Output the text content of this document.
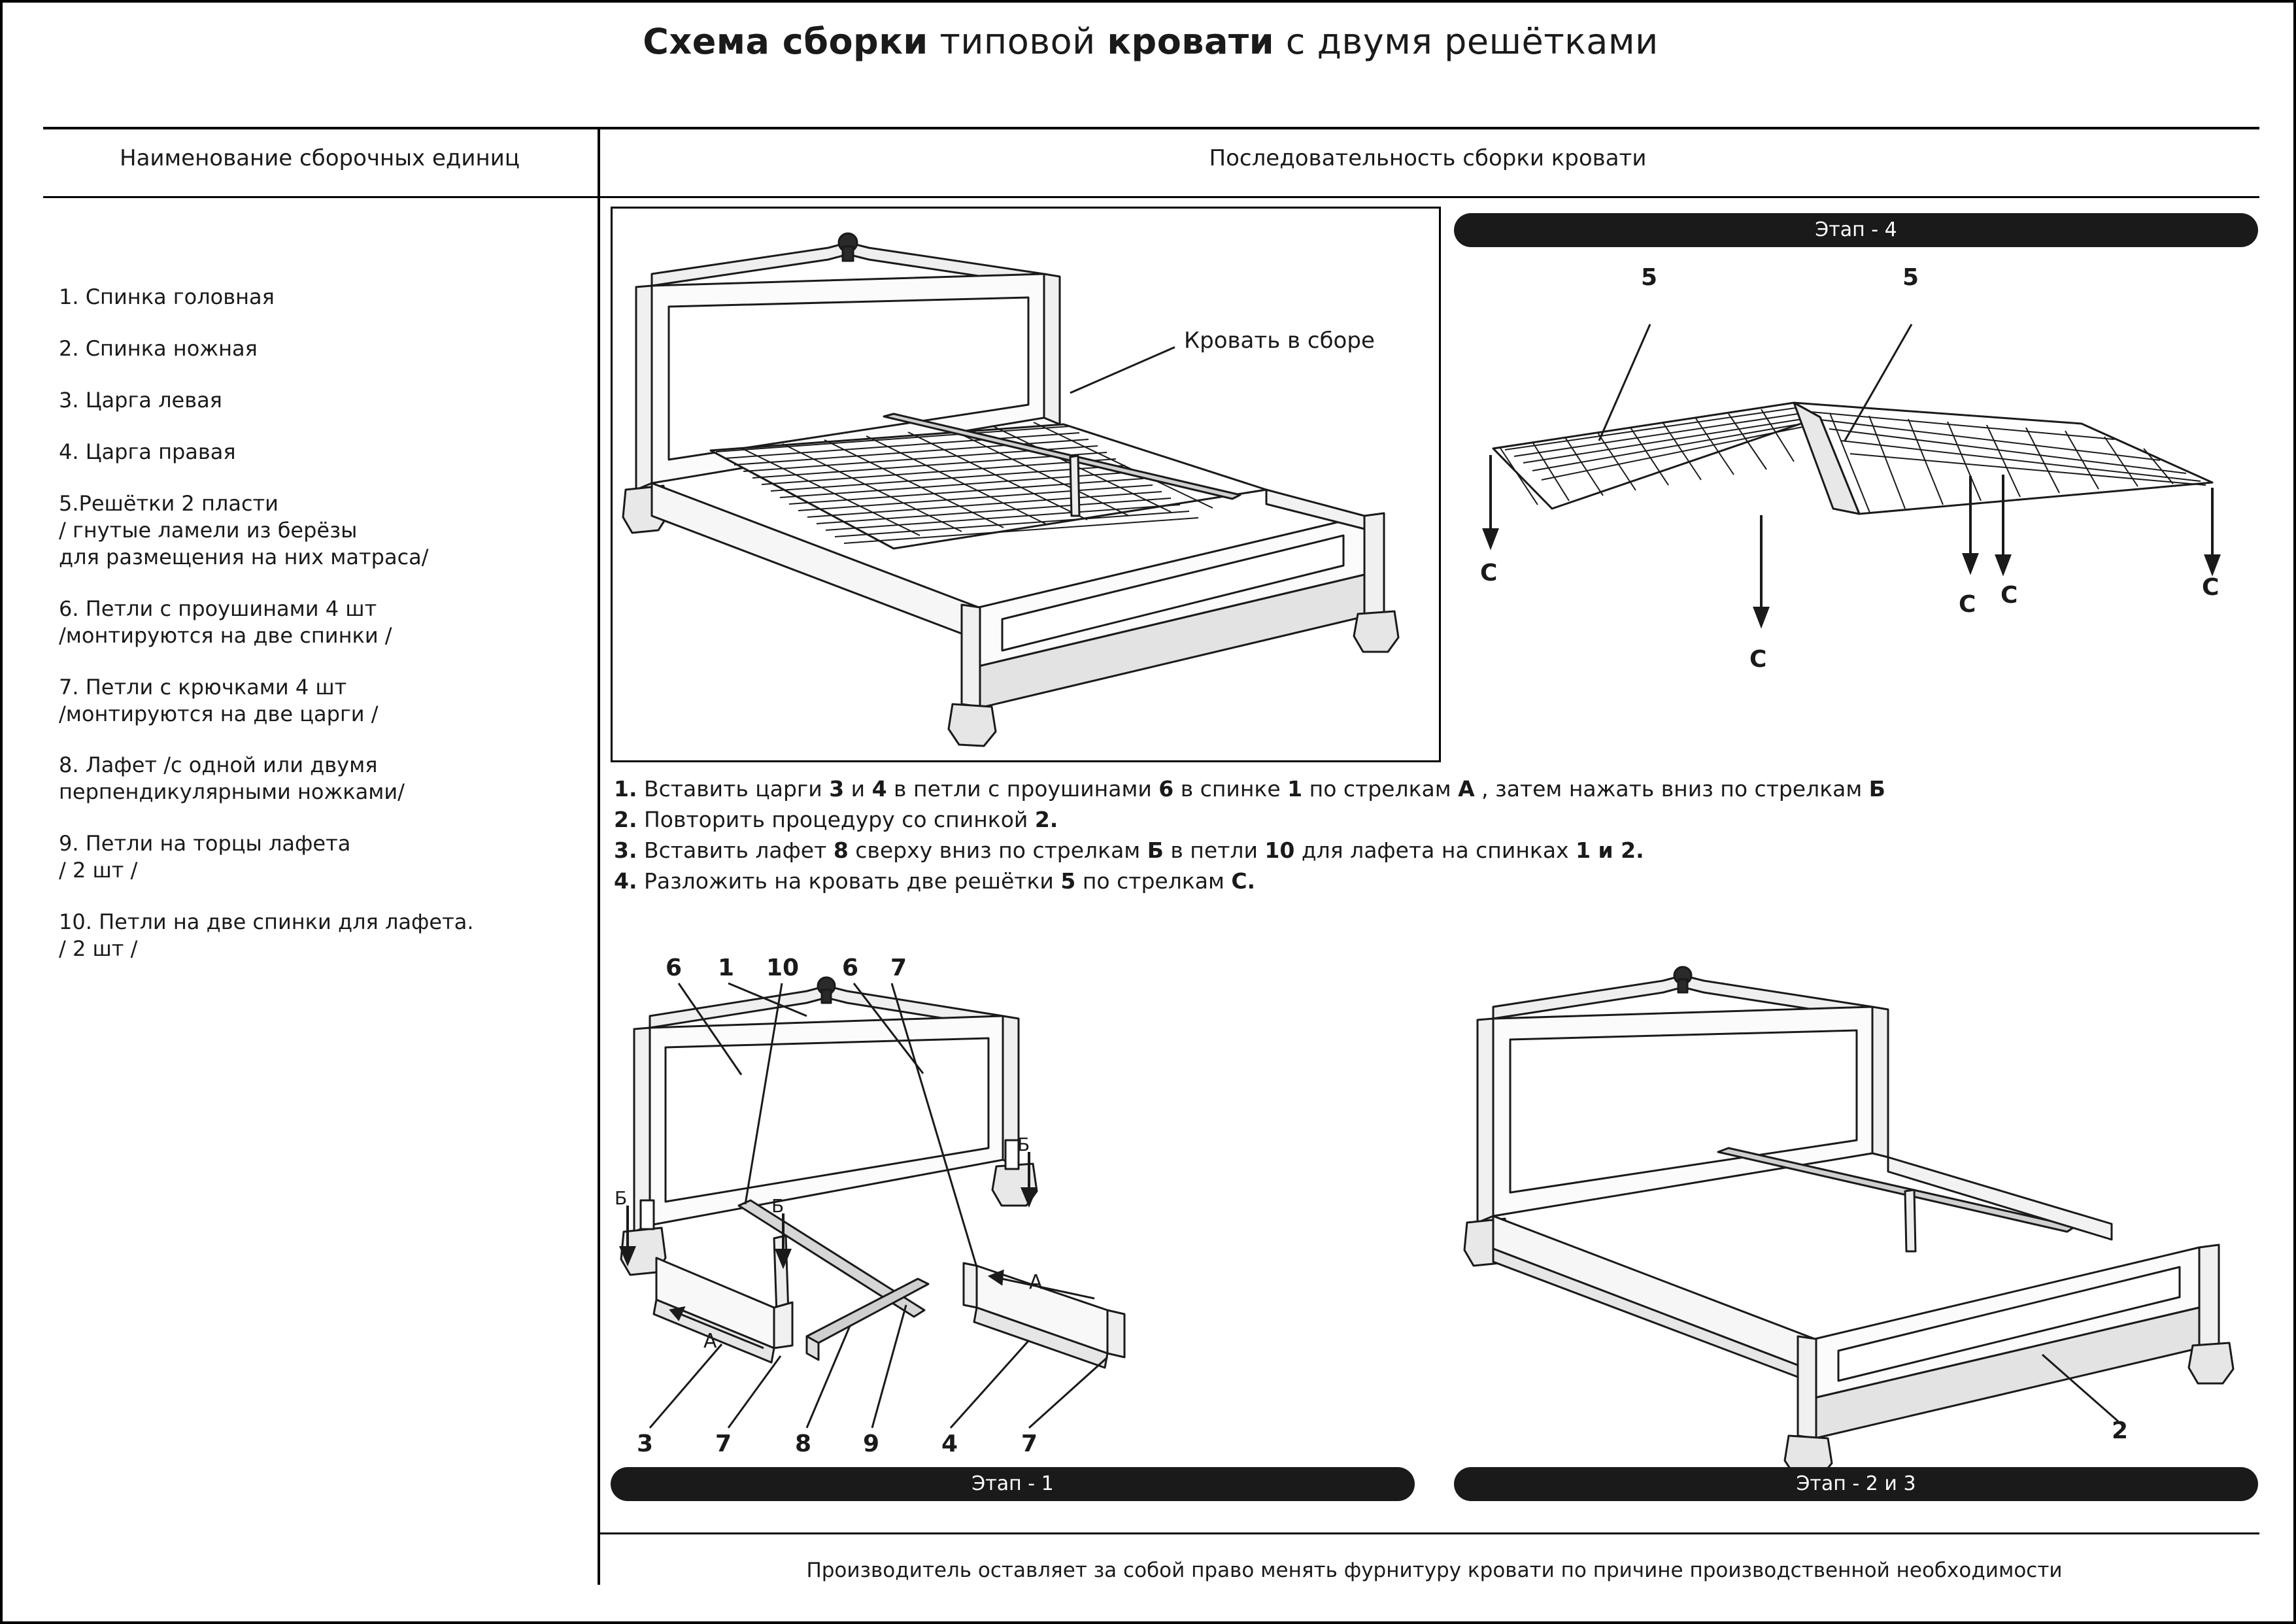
Схема сборки типовой кровати с двумя решётками
Наименование сборочных единиц	Последовательность сборки кровати
1. Спинка головная
2. Спинка ножная
3. Царга левая
4. Царга правая
5.Решётки 2 пласти
/ гнутые ламели из берёзы
для размещения на них матраса/
6. Петли с проушинами 4 шт
/монтируются на две спинки /
7. Петли с крючками 4 шт
/монтируются на две царги /
8. Лафет /с одной или двумя
перпендикулярными ножками/
9. Петли на торцы лафета
/ 2 шт /
10. Петли на две спинки для лафета.
/ 2 шт /
Кровать в сборе
Этап - 4
5	5
С
С
С С	С
1. Вставить царги 3 и 4 в петли с проушинами 6 в спинке 1 по стрелкам А , затем нажать вниз по стрелкам Б
2. Повторить процедуру со спинкой 2.
3. Вставить лафет 8 сверху вниз по стрелкам Б в петли 10 для лафета на спинках 1 и 2.
4. Разложить на кровать две решётки 5 по стрелкам С.
6 1 10 6 7
3	7	8 9	4	7
Б	Б
Б
А
А
Этап - 1
2
Этап - 2 и 3
Производитель оставляет за собой право менять фурнитуру кровати по причине производственной необходимости
